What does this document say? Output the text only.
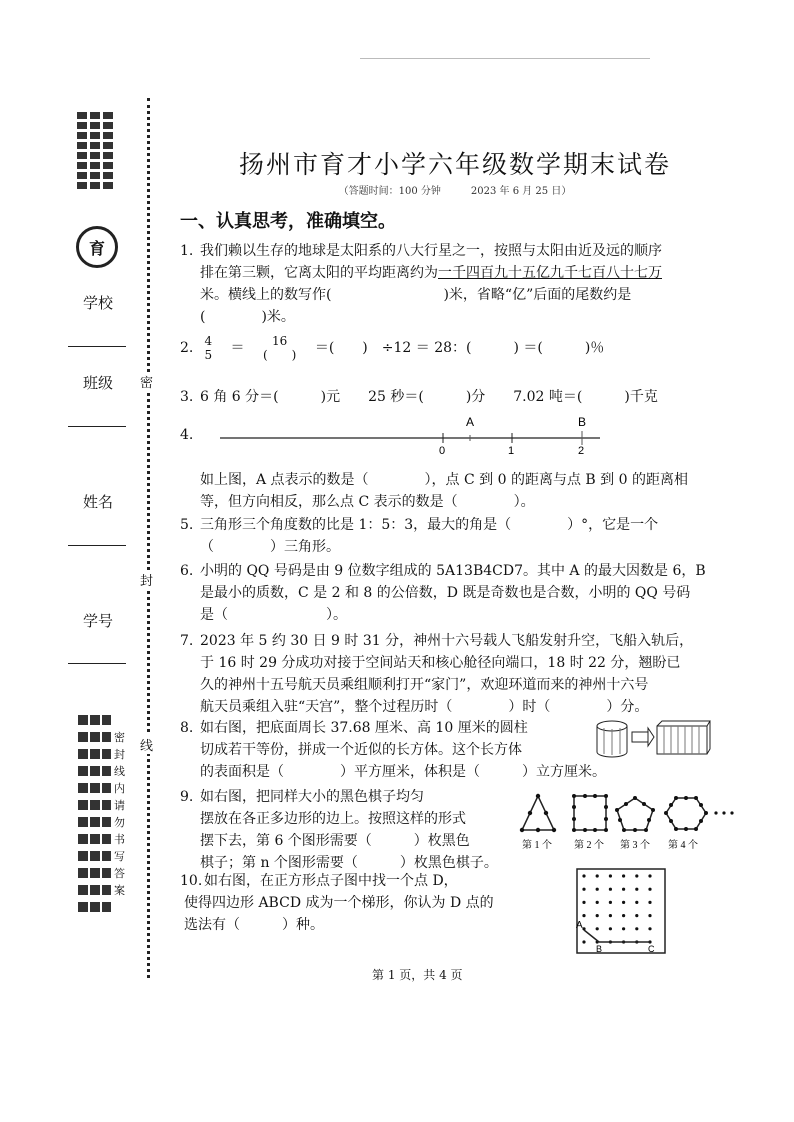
育
学校
班级
姓名
学号
密
封
线
密
封
线
内
请
勿
书
写
答
案
扬州市育才小学六年级数学期末试卷
（答题时间：100 分钟　　　2023 年 6 月 25 日）
一、认真思考，准确填空。
1. 我们赖以生存的地球是太阳系的八大行星之一，按照与太阳由近及远的顺序
排在第三颗，它离太阳的平均距离约为一千四百九十五亿九千七百八十七万
米。横线上的数写作(　　　　　　　　)米，省略“亿”后面的尾数约是
(　　　　)米。
2. 4
5 ＝ 16
(　　) ＝(　　)　÷12 ＝ 28：(　　　) ＝(　　　)％
3. 6 角 6 分＝(　　　)元　　25 秒＝(　　　)分　　7.02 吨＝(　　　)千克
4.
A	B
0	1	2
如上图，A 点表示的数是（　　　　），点 C 到 0 的距离与点 B 到 0 的距离相
等，但方向相反，那么点 C 表示的数是（　　　　）。
5. 三角形三个角度数的比是 1：5：3，最大的角是（　　　　）°，它是一个
（　　　　）三角形。
6. 小明的 QQ 号码是由 9 位数字组成的 5A13B4CD7。其中 A 的最大因数是 6，B
是最小的质数，C 是 2 和 8 的公倍数，D 既是奇数也是合数，小明的 QQ 号码
是（　　　　　　　）。
7. 2023 年 5 约 30 日 9 时 31 分，神州十六号载人飞船发射升空，飞船入轨后，
于 16 时 29 分成功对接于空间站天和核心舱径向端口，18 时 22 分，翘盼已
久的神州十五号航天员乘组顺利打开“家门”，欢迎环道而来的神州十六号
航天员乘组入驻“天宫”，整个过程历时（　　　　）时（　　　　）分。
8. 如右图，把底面周长 37.68 厘米、高 10 厘米的圆柱
切成若干等份，拼成一个近似的长方体。这个长方体
的表面积是（　　　　）平方厘米，体积是（　　　）立方厘米。
9. 如右图，把同样大小的黑色棋子均匀
摆放在各正多边形的边上。按照这样的形式
摆下去，第 6 个图形需要（　　　）枚黑色
棋子；第 n 个图形需要（　　　）枚黑色棋子。
第 1 个 第 2 个 第 3 个 第 4 个
10. 如右图，在正方形点子图中找一个点 D，
使得四边形 ABCD 成为一个梯形，你认为 D 点的
选法有（　　　）种。	A
B	C
第 1 页，共 4 页
